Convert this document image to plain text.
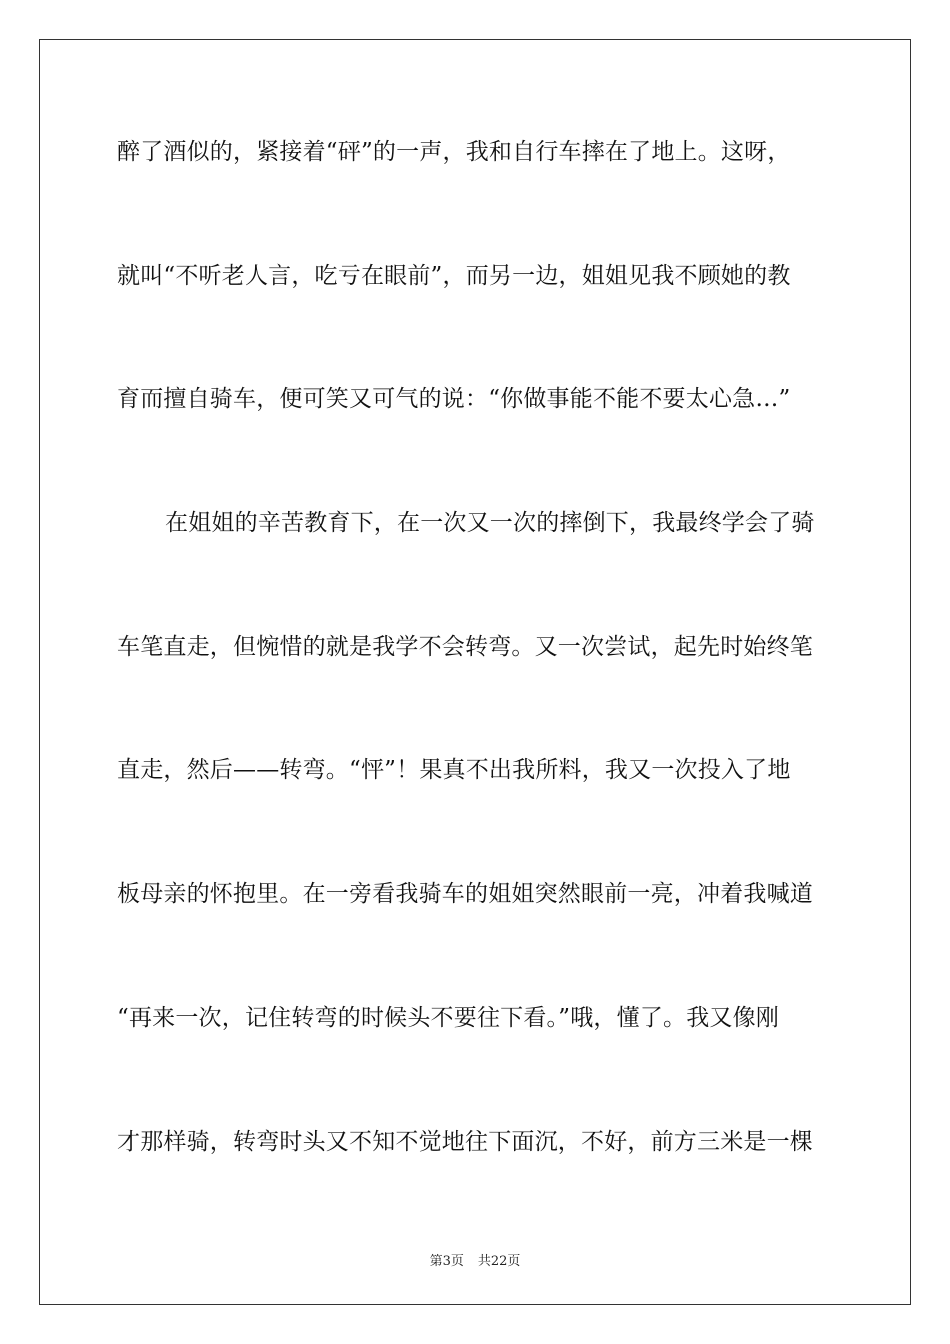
醉了酒似的，紧接着“砰”的一声，我和自行车摔在了地上。这呀，
就叫“不听老人言，吃亏在眼前”，而另一边，姐姐见我不顾她的教
育而擅自骑车，便可笑又可气的说：“你做事能不能不要太心急…”
在姐姐的辛苦教育下，在一次又一次的摔倒下，我最终学会了骑
车笔直走，但惋惜的就是我学不会转弯。又一次尝试，起先时始终笔
直走，然后——转弯。“怦”！果真不出我所料，我又一次投入了地
板母亲的怀抱里。在一旁看我骑车的姐姐突然眼前一亮，冲着我喊道
“再来一次，记住转弯的时候头不要往下看。”哦，懂了。我又像刚
才那样骑，转弯时头又不知不觉地往下面沉，不好，前方三米是一棵
第3页 共22页
